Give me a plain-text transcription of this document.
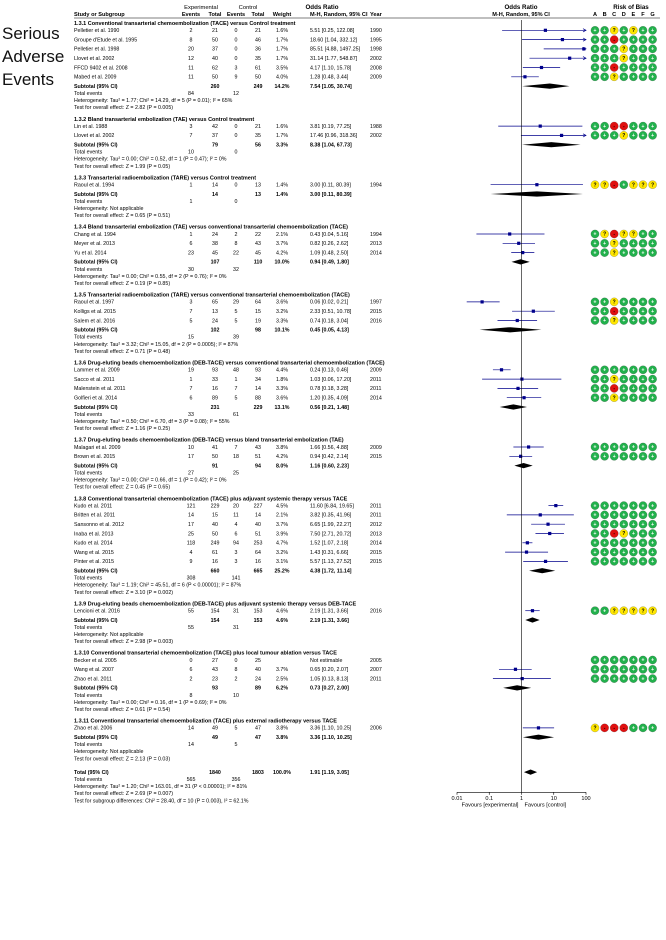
Serious
Adverse
Events
Experimental	Control	Odds Ratio	Odds Ratio	Risk of Bias
Study or Subgroup	Events Total Events Total Weight	M-H, Random, 95% CI Year	M-H, Random, 95% CI	A B C D E F G
1.3.1 Conventional transarterial chemoembolization (TACE) versus Control treatment
Pelletier et al. 1990	2	21	0	21	1.6%	5.51 [0.25, 122.08]	1990	+ + ? + ? + +
Groupe d'Etude et al. 1995	8	50	0	46	1.7%	18.60 [1.04, 332.12] 1995	+ + - + + + +
Pelletier et al. 1998	20	37	0	36	1.7%	85.51 [4.88, 1497.25] 1998	+ + + ? + + +
Llovet et al. 2002	12	40	0	35	1.7%	31.14 [1.77, 548.87] 2002	+ + + ? + + +
FFCD 9402 et al. 2008	11	62	3	61	3.5%	4.17 [1.10, 15.78]	2008	+ + - + + + +
Mabed et al. 2009	11	50	9	50	4.0%	1.28 [0.48, 3.44]	2009	+ + ? + + + +
Subtotal (95% CI)	260	249 14.2%	7.54 [1.05, 30.74]
Total events	84	12
Heterogeneity: Tau² = 1.77; Chi² = 14.29, df = 5 (P = 0.01); I² = 65%
Test for overall effect: Z = 2.82 (P = 0.005)
1.3.2 Bland transarterial embolization (TAE) versus Control treatment
Lin et al. 1988	3	42	0	21	1.6%	3.81 [0.19, 77.25]	1988	+ + - - + + +
Llovet et al. 2002	7	37	0	35	1.7%	17.46 [0.96, 318.36] 2002	+ + + ? + + +
Subtotal (95% CI)	79	56	3.3%	8.38 [1.04, 67.73]
Total events	10	0
Heterogeneity: Tau² = 0.00; Chi² = 0.52, df = 1 (P = 0.47); I² = 0%
Test for overall effect: Z = 1.99 (P = 0.05)
1.3.3 Transarterial radioembolization (TARE) versus Control treatment
Raoul et al. 1994	1	14	0	13	1.4%	3.00 [0.11, 80.39]	1994	? ? - + ? ? ?
Subtotal (95% CI)	14	13	1.4%	3.00 [0.11, 80.39]
Total events	1	0
Heterogeneity: Not applicable
Test for overall effect: Z = 0.65 (P = 0.51)
1.3.4 Bland transarterial embolization (TAE) versus conventional transarterial chemoembolization (TACE)
Chang et al. 1994	1	24	2	22	2.1%	0.43 [0.04, 5.16]	1994	+ ? - ? ? + +
Meyer et al. 2013	6	38	8	43	3.7%	0.82 [0.26, 2.62]	2013	+ + ? + + + +
Yu et al. 2014	23	45	22	45	4.2%	1.09 [0.48, 2.50]	2014	+ + ? + + + +
Subtotal (95% CI)	107	110 10.0%	0.94 [0.49, 1.80]
Total events	30	32
Heterogeneity: Tau² = 0.00; Chi² = 0.55, df = 2 (P = 0.76); I² = 0%
Test for overall effect: Z = 0.19 (P = 0.85)
1.3.5 Transarterial radioembolization (TARE) versus conventional transarterial chemoembolization (TACE)
Raoul et al. 1997	3	65	29	64	3.6%	0.06 [0.02, 0.21]	1997	+ + ? + + + +
Kolligs et al. 2015	7	13	5	15	3.2%	2.33 [0.51, 10.78]	2015	+ + - + + + +
Salem et al. 2016	5	24	5	19	3.3%	0.74 [0.18, 3.04]	2016	+ + ? + + + +
Subtotal (95% CI)	102	98	10.1%	0.45 [0.05, 4.13]
Total events	15	39
Heterogeneity: Tau² = 3.32; Chi² = 15.05, df = 2 (P = 0.0005); I² = 87%
Test for overall effect: Z = 0.71 (P = 0.48)
1.3.6 Drug-eluting beads chemoembolization (DEB-TACE) versus conventional transarterial chemoembolization (TACE)
Lammer et al. 2009	19	93	48	93	4.4%	0.24 [0.13, 0.46]	2009	+ + + + + + +
Sacco et al. 2011	1	33	1	34	1.8%	1.03 [0.06, 17.20]	2011	+ + ? + + + +
Malenstein et al. 2011	7	16	7	14	3.3%	0.78 [0.18, 3.28]	2011	+ + - + + + +
Golfieri et al. 2014	6	89	5	88	3.6%	1.20 [0.35, 4.09]	2014	+ + ? + + + +
Subtotal (95% CI)	231	229 13.1%	0.56 [0.21, 1.48]
Total events	33	61
Heterogeneity: Tau² = 0.50; Chi² = 6.70, df = 3 (P = 0.08); I² = 55%
Test for overall effect: Z = 1.16 (P = 0.25)
1.3.7 Drug-eluting beads chemoembolization (DEB-TACE) versus bland transarterial embolization (TAE)
Malagari et al. 2009	10	41	7	43	3.8%	1.66 [0.56, 4.88]	2009	+ + + + + + +
Brown et al. 2015	17	50	18	51	4.2%	0.94 [0.42, 2.14]	2015	+ + + + + + +
Subtotal (95% CI)	91	94	8.0%	1.16 [0.60, 2.23]
Total events	27	25
Heterogeneity: Tau² = 0.00; Chi² = 0.66, df = 1 (P = 0.42); I² = 0%
Test for overall effect: Z = 0.45 (P = 0.65)
1.3.8 Conventional transarterial chemoembolization (TACE) plus adjuvant systemic therapy versus TACE
Kudo et al. 2011	121	229	20	227	4.5%	11.60 [6.84, 19.65]	2011	+ + + + + + +
Britten et al. 2011	14	15	11	14	2.1%	3.82 [0.35, 41.96]	2011	+ + + + + + +
Sansonno et al. 2012	17	40	4	40	3.7%	6.65 [1.99, 22.27]	2012	+ + + + + + +
Inaba et al. 2013	25	50	6	51	3.9%	7.50 [2.71, 20.72]	2013	+ + - ? + + +
Kudo et al. 2014	118	249	94	253	4.7%	1.52 [1.07, 2.18]	2014	+ + + + + + +
Wang et al. 2015	4	61	3	64	3.2%	1.43 [0.31, 6.66]	2015	+ + + + + + +
Pinter et al. 2015	9	16	3	16	3.1%	5.57 [1.13, 27.52]	2015	+ + + + + + +
Subtotal (95% CI)	660	665 25.2%	4.38 [1.72, 11.14]
Total events	308	141
Heterogeneity: Tau² = 1.19; Chi² = 45.51, df = 6 (P < 0.00001); I² = 87%
Test for overall effect: Z = 3.10 (P = 0.002)
1.3.9 Drug-eluting beads chemoembolization (DEB-TACE) plus adjuvant systemic therapy versus DEB-TACE
Lencioni et al. 2016	55	154	31	153	4.6%	2.19 [1.31, 3.66]	2016	+ + ? ? ? ? ?
Subtotal (95% CI)	154	153	4.6%	2.19 [1.31, 3.66]
Total events	55	31
Heterogeneity: Not applicable
Test for overall effect: Z = 2.98 (P = 0.003)
1.3.10 Conventional transarterial chemoembolization (TACE) plus local tumour ablation versus TACE
Becker et al. 2005	0	27	0	25	Not estimable	2005	+ + + + + + +
Wang et al. 2007	6	43	8	40	3.7%	0.65 [0.20, 2.07]	2007	+ + + + + + +
Zhao et al. 2011	2	23	2	24	2.5%	1.05 [0.13, 8.13]	2011	+ + + + + + +
Subtotal (95% CI)	93	89	6.2%	0.73 [0.27, 2.00]
Total events	8	10
Heterogeneity: Tau² = 0.00; Chi² = 0.16, df = 1 (P = 0.69); I² = 0%
Test for overall effect: Z = 0.61 (P = 0.54)
1.3.11 Conventional transarterial chemoembolization (TACE) plus external radiotherapy versus TACE
Zhao et al. 2006	14	49	5	47	3.8%	3.36 [1.10, 10.25]	2006	? - - - + + +
Subtotal (95% CI)	49	47	3.8%	3.36 [1.10, 10.25]
Total events	14	5
Heterogeneity: Not applicable
Test for overall effect: Z = 2.13 (P = 0.03)
Total (95% CI)	1840	1803 100.0%	1.91 [1.19, 3.05]
Total events	565	356
Heterogeneity: Tau² = 1.20; Chi² = 163.01, df = 31 (P < 0.00001); I² = 81%
Test for overall effect: Z = 2.69 (P = 0.007)
Test for subgroup differences: Chi² = 28.40, df = 10 (P = 0.003), I² = 62.1%	0.01	0.1	1	10	100
Favours [experimental] Favours [control]
